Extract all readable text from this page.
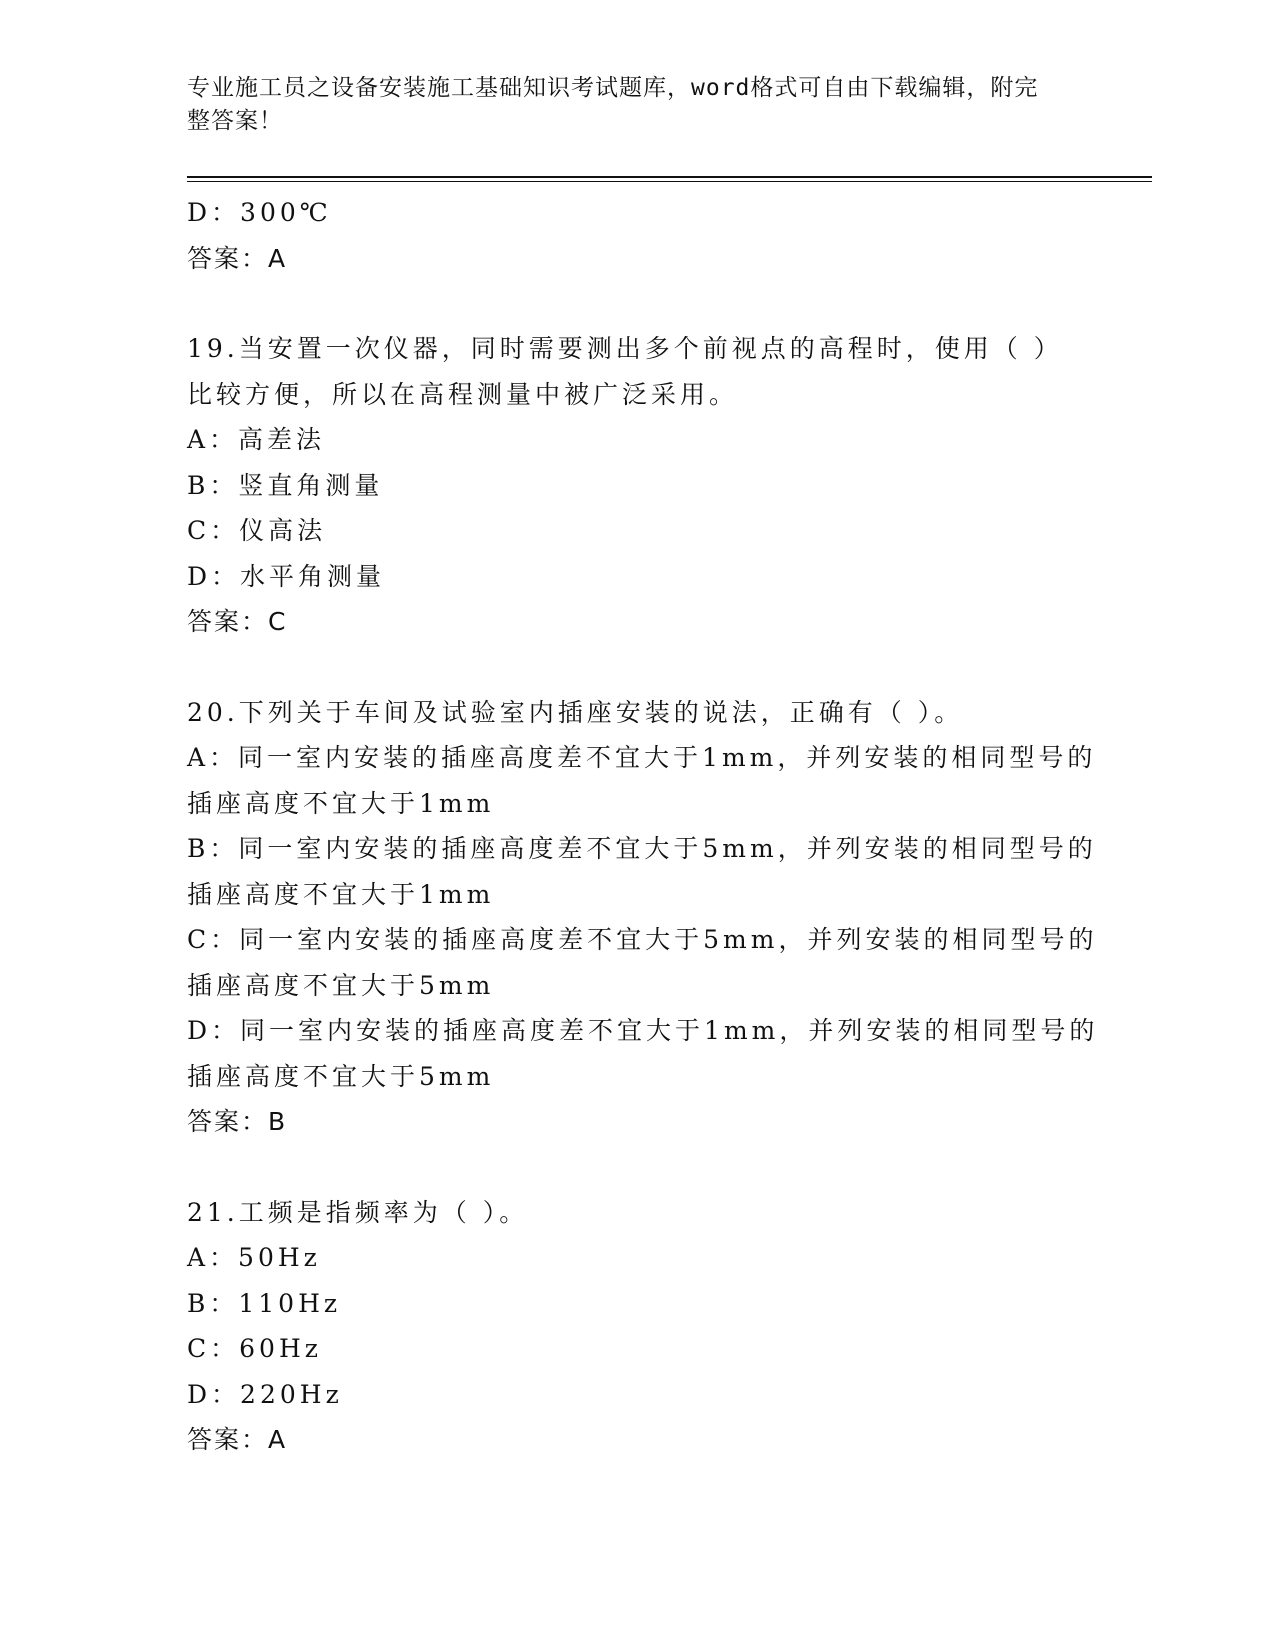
专业施工员之设备安装施工基础知识考试题库，word格式可自由下载编辑，附完
整答案！
D：300℃
答案：A
19.当安置一次仪器，同时需要测出多个前视点的高程时，使用（ ）
比较方便，所以在高程测量中被广泛采用。
A：高差法
B：竖直角测量
C：仪高法
D：水平角测量
答案：C
20.下列关于车间及试验室内插座安装的说法，正确有（ ）。
A：同一室内安装的插座高度差不宜大于1mm，并列安装的相同型号的
插座高度不宜大于1mm
B：同一室内安装的插座高度差不宜大于5mm，并列安装的相同型号的
插座高度不宜大于1mm
C：同一室内安装的插座高度差不宜大于5mm，并列安装的相同型号的
插座高度不宜大于5mm
D：同一室内安装的插座高度差不宜大于1mm，并列安装的相同型号的
插座高度不宜大于5mm
答案：B
21.工频是指频率为（ ）。
A：50Hz
B：110Hz
C：60Hz
D：220Hz
答案：A
